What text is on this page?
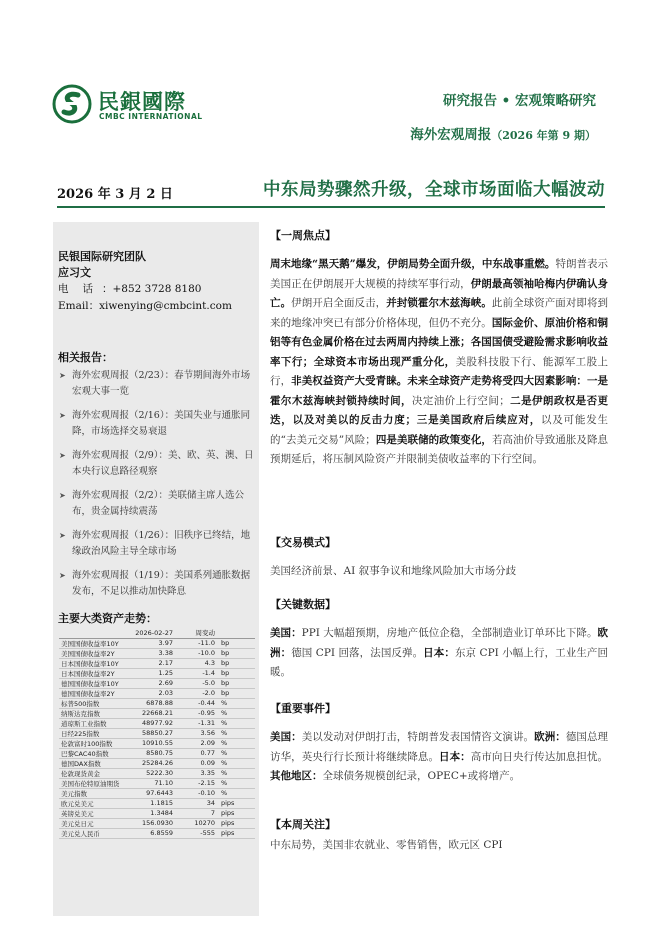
民銀國際
CMBC INTERNATIONAL
研究报告 • 宏观策略研究
海外宏观周报（2026 年第 9 期）
2026 年 3 月 2 日	中东局势骤然升级，全球市场面临大幅波动
民银国际研究团队
应习文
电话：+852 3728 8180
Email：xiwenying@cmbcint.com
相关报告：
➤ 海外宏观周报（2/23）：春节期间海外市场宏观大事一览
➤ 海外宏观周报（2/16）：美国失业与通胀同降，市场选择交易衰退
➤ 海外宏观周报（2/9）：美、欧、英、澳、日本央行议息路径观察
➤ 海外宏观周报（2/2）：美联储主席人选公布，贵金属持续震荡
➤ 海外宏观周报（1/26）：旧秩序已终结，地缘政治风险主导全球市场
➤ 海外宏观周报（1/19）：美国系列通胀数据发布，不足以推动加快降息
主要大类资产走势：
	2026-02-27	周变动	
美国国债收益率10Y	3.97	-11.0	bp
美国国债收益率2Y	3.38	-10.0	bp
日本国债收益率10Y	2.17	4.3	bp
日本国债收益率2Y	1.25	-1.4	bp
德国国债收益率10Y	2.69	-5.0	bp
德国国债收益率2Y	2.03	-2.0	bp
标普500指数	6878.88	-0.44	%
纳斯达克指数	22668.21	-0.95	%
道琼斯工业指数	48977.92	-1.31	%
日经225指数	58850.27	3.56	%
伦敦富时100指数	10910.55	2.09	%
巴黎CAC40指数	8580.75	0.77	%
德国DAX指数	25284.26	0.09	%
伦敦现货黄金	5222.30	3.35	%
美国布伦特原油期货	71.10	-2.15	%
美元指数	97.6443	-0.10	%
欧元兑美元	1.1815	34	pips
英镑兑美元	1.3484	7	pips
美元兑日元	156.0930	10270	pips
美元兑人民币	6.8559	-555	pips
【一周焦点】
周末地缘“黑天鹅”爆发，伊朗局势全面升级，中东战事重燃。特朗普表示美国正在伊朗展开大规模的持续军事行动，伊朗最高领袖哈梅内伊确认身亡。伊朗开启全面反击，并封锁霍尔木兹海峡。此前全球资产面对即将到来的地缘冲突已有部分价格体现，但仍不充分。国际金价、原油价格和铜铝等有色金属价格在过去两周内持续上涨；各国国债受避险需求影响收益率下行；全球资本市场出现严重分化，美股科技股下行、能源军工股上行，非美权益资产大受青睐。未来全球资产走势将受四大因素影响：一是霍尔木兹海峡封锁持续时间，决定油价上行空间；二是伊朗政权是否更迭，以及对美以的反击力度；三是美国政府后续应对，以及可能发生的“去美元交易”风险；四是美联储的政策变化，若高油价导致通胀及降息预期延后，将压制风险资产并限制美债收益率的下行空间。
【交易模式】
美国经济前景、AI 叙事争议和地缘风险加大市场分歧
【关键数据】
美国：PPI 大幅超预期，房地产低位企稳，全部制造业订单环比下降。欧洲：德国 CPI 回落，法国反弹。日本：东京 CPI 小幅上行，工业生产回暖。
【重要事件】
美国：美以发动对伊朗打击，特朗普发表国情咨文演讲。欧洲：德国总理访华，英央行行长预计将继续降息。日本：高市向日央行传达加息担忧。其他地区：全球债务规模创纪录，OPEC+或将增产。
【本周关注】
中东局势，美国非农就业、零售销售，欧元区 CPI
